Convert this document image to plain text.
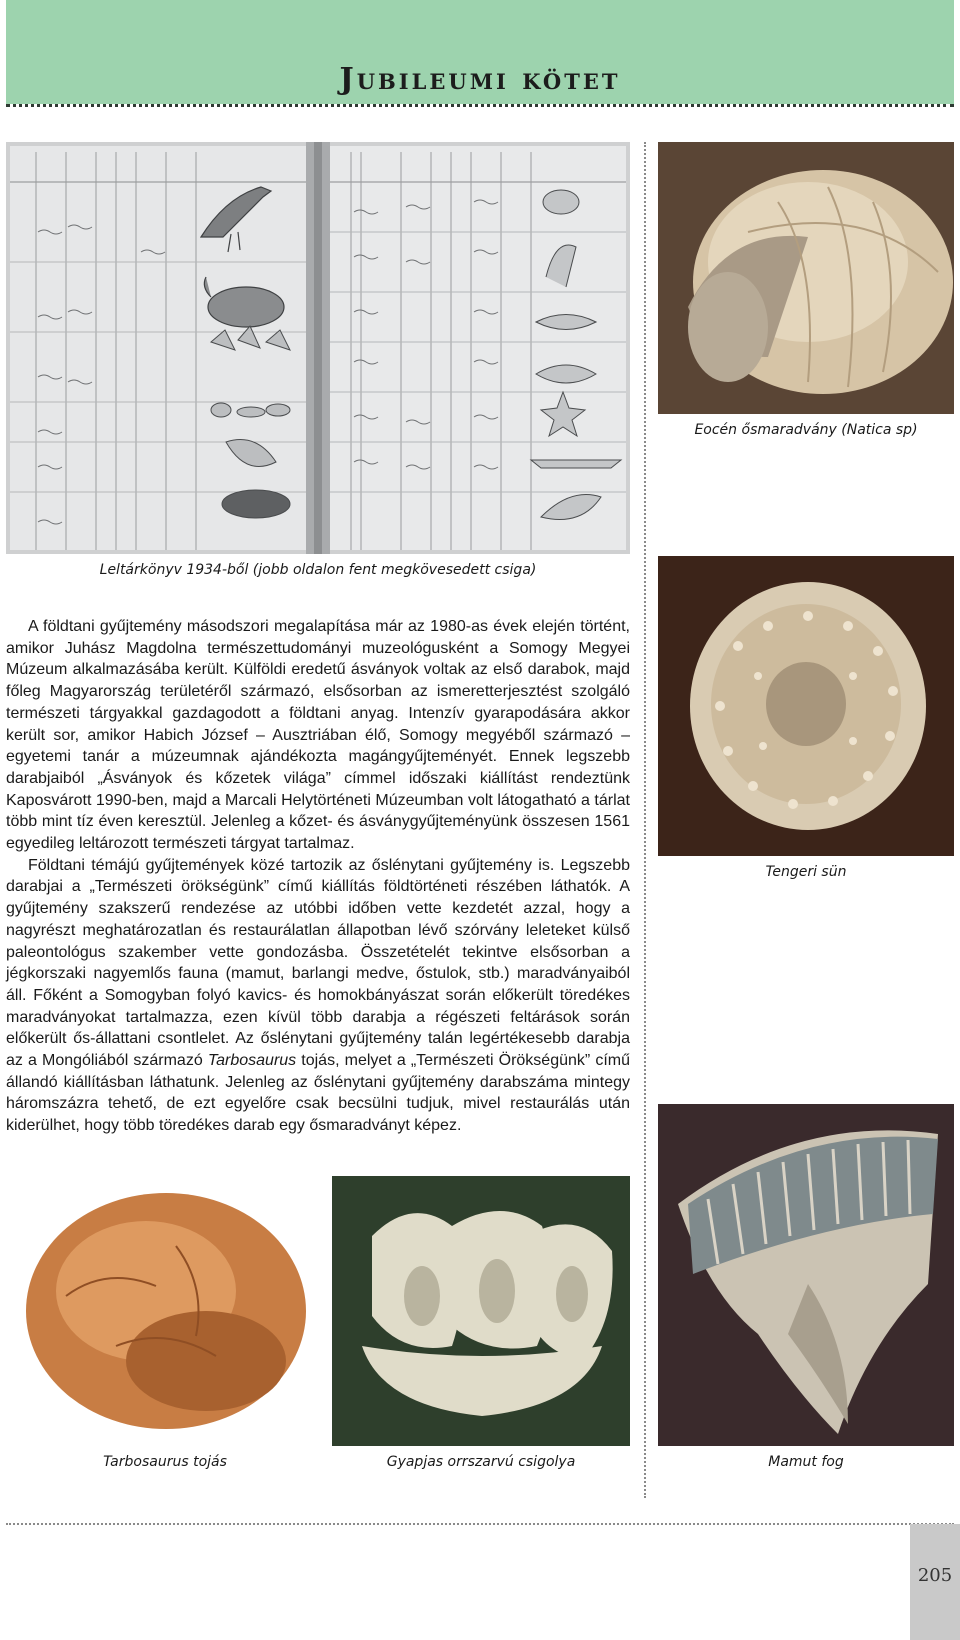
Jubileumi kötet
Leltárkönyv 1934-ből (jobb oldalon fent megkövesedett csiga)
Eocén ősmaradvány (Natica sp)
Tengeri sün
Mamut fog

A földtani gyűjtemény másodszori megalapítása már az 1980-as évek elején történt, amikor Juhász Magdolna természettudományi muzeológusként a Somogy Megyei Múzeum alkalmazásába került. Külföldi eredetű ásványok voltak az első darabok, majd főleg Magyarország területéről származó, elsősorban az ismeretterjesztést szolgáló természeti tárgyakkal gazdagodott a földtani anyag. Intenzív gyarapodására akkor került sor, amikor Habich József – Ausztriában élő, Somogy megyéből származó – egyetemi tanár a múzeumnak ajándékozta magángyűjteményét. Ennek legszebb darabjaiból „Ásványok és kőzetek világa” címmel időszaki kiállítást rendeztünk Kaposvárott 1990-ben, majd a Marcali Helytörténeti Múzeumban volt látogatható a tárlat több mint tíz éven keresztül. Jelenleg a kőzet- és ásványgyűjteményünk összesen 1561 egyedileg leltározott természeti tárgyat tartalmaz.

Földtani témájú gyűjtemények közé tartozik az őslénytani gyűjtemény is. Legszebb darabjai a „Természeti örökségünk” című kiállítás földtörténeti részében láthatók. A gyűjtemény szakszerű rendezése az utóbbi időben vette kezdetét azzal, hogy a nagyrészt meghatározatlan és restaurálatlan állapotban lévő szórvány leleteket külső paleontológus szakember vette gondozásba. Összetételét tekintve elsősorban a jégkorszaki nagyemlős fauna (mamut, barlangi medve, őstulok, stb.) maradványaiból áll. Főként a Somogyban folyó kavics- és homokbányászat során előkerült töredékes maradványokat tartalmazza, ezen kívül több darabja a régészeti feltárások során előkerült ős-állattani csontlelet. Az őslénytani gyűjtemény talán legértékesebb darabja az a Mongóliából származó Tarbosaurus tojás, melyet a „Természeti Örökségünk” című állandó kiállításban láthatunk. Jelenleg az őslénytani gyűjtemény darabszáma mintegy háromszázra tehető, de ezt egyelőre csak becsülni tudjuk, mivel restaurálás után kiderülhet, hogy több töredékes darab egy ősmaradványt képez.

Tarbosaurus tojás	Gyapjas orrszarvú csigolya
205
